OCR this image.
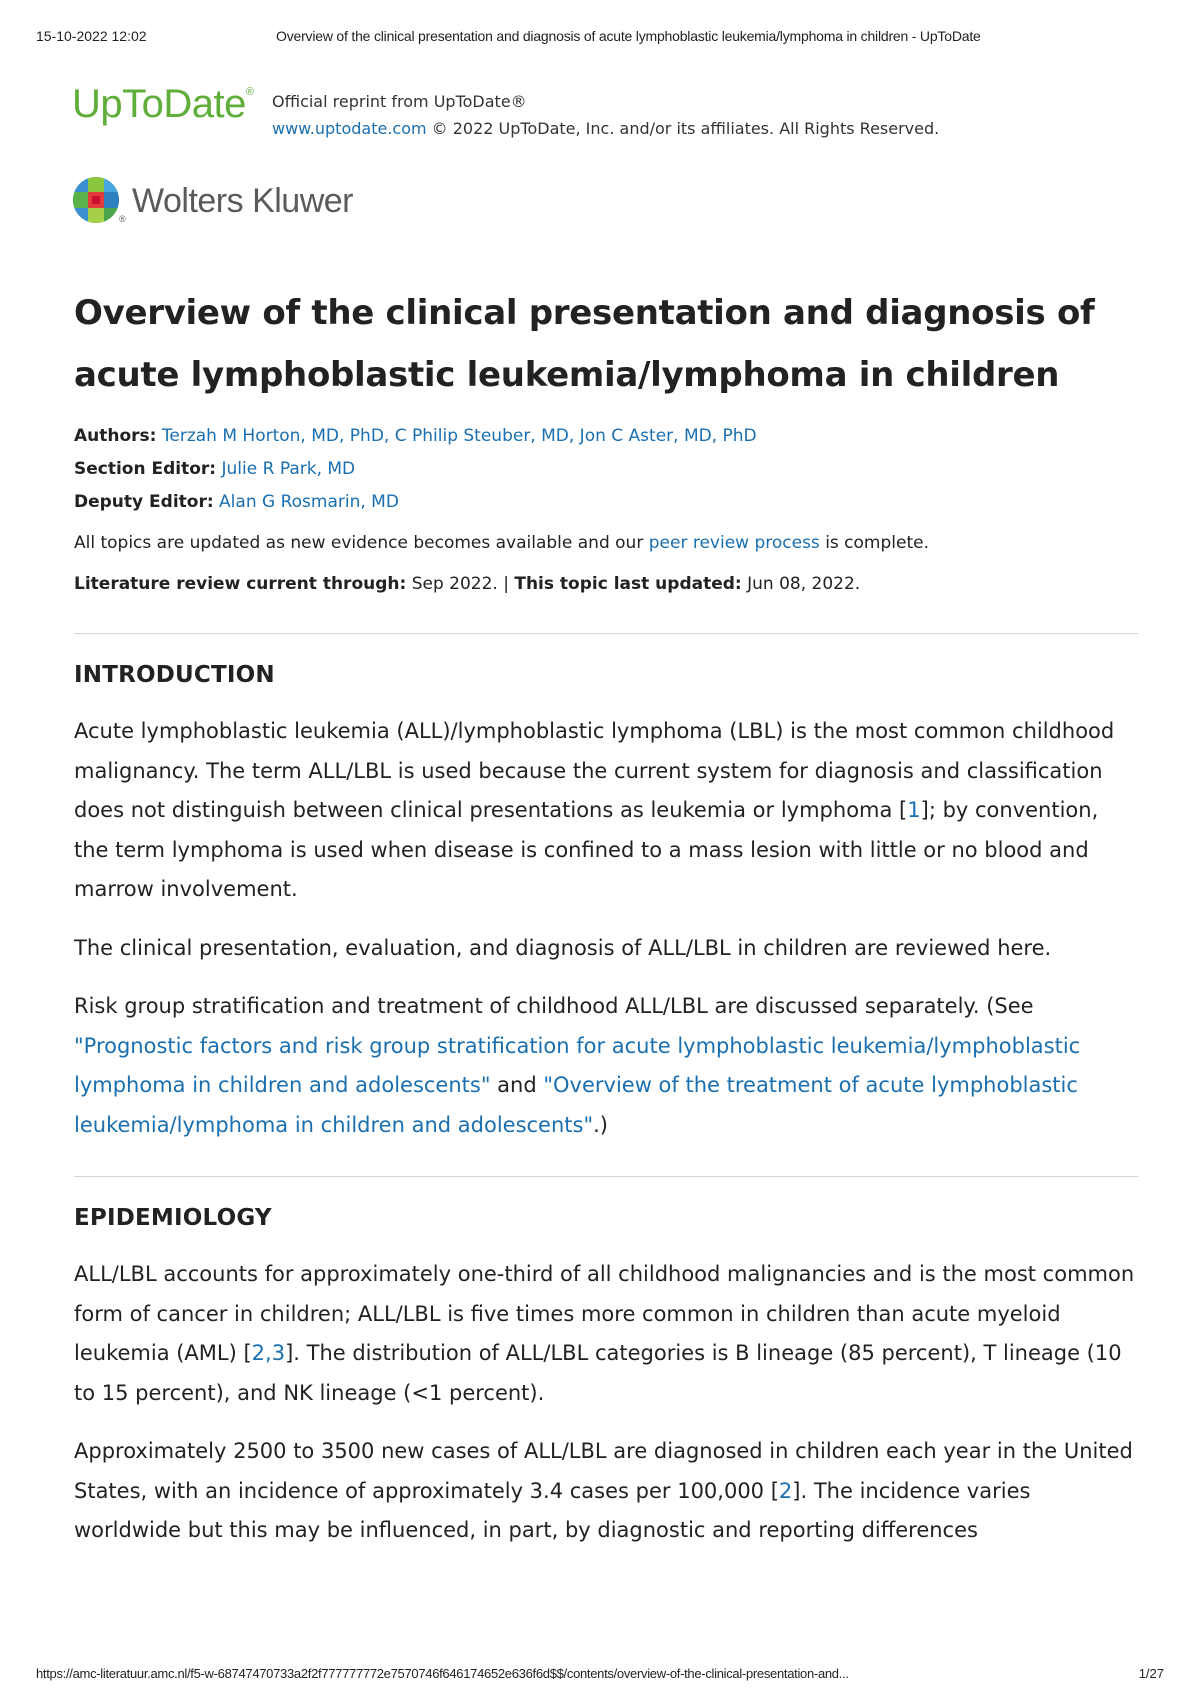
15-10-2022 12:02	Overview of the clinical presentation and diagnosis of acute lymphoblastic leukemia/lymphoma in children - UpToDate
UpToDate® Official reprint from UpToDate®
www.uptodate.com © 2022 UpToDate, Inc. and/or its affiliates. All Rights Reserved.
® Wolters Kluwer
Overview of the clinical presentation and diagnosis of acute lymphoblastic leukemia/lymphoma in children
Authors: Terzah M Horton, MD, PhD, C Philip Steuber, MD, Jon C Aster, MD, PhD
Section Editor: Julie R Park, MD
Deputy Editor: Alan G Rosmarin, MD
All topics are updated as new evidence becomes available and our peer review process is complete.
Literature review current through: Sep 2022. | This topic last updated: Jun 08, 2022.
INTRODUCTION

Acute lymphoblastic leukemia (ALL)/lymphoblastic lymphoma (LBL) is the most common childhood malignancy. The term ALL/LBL is used because the current system for diagnosis and classification does not distinguish between clinical presentations as leukemia or lymphoma [1]; by convention, the term lymphoma is used when disease is confined to a mass lesion with little or no blood and marrow involvement.

The clinical presentation, evaluation, and diagnosis of ALL/LBL in children are reviewed here.

Risk group stratification and treatment of childhood ALL/LBL are discussed separately. (See "Prognostic factors and risk group stratification for acute lymphoblastic leukemia/lymphoblastic lymphoma in children and adolescents" and "Overview of the treatment of acute lymphoblastic leukemia/lymphoma in children and adolescents".)

EPIDEMIOLOGY

ALL/LBL accounts for approximately one-third of all childhood malignancies and is the most common form of cancer in children; ALL/LBL is five times more common in children than acute myeloid leukemia (AML) [2,3]. The distribution of ALL/LBL categories is B lineage (85 percent), T lineage (10 to 15 percent), and NK lineage (<1 percent).

Approximately 2500 to 3500 new cases of ALL/LBL are diagnosed in children each year in the United States, with an incidence of approximately 3.4 cases per 100,000 [2]. The incidence varies worldwide but this may be influenced, in part, by diagnostic and reporting differences

https://amc-literatuur.amc.nl/f5-w-68747470733a2f2f777777772e7570746f646174652e636f6d$$/contents/overview-of-the-clinical-presentation-and...	1/27
